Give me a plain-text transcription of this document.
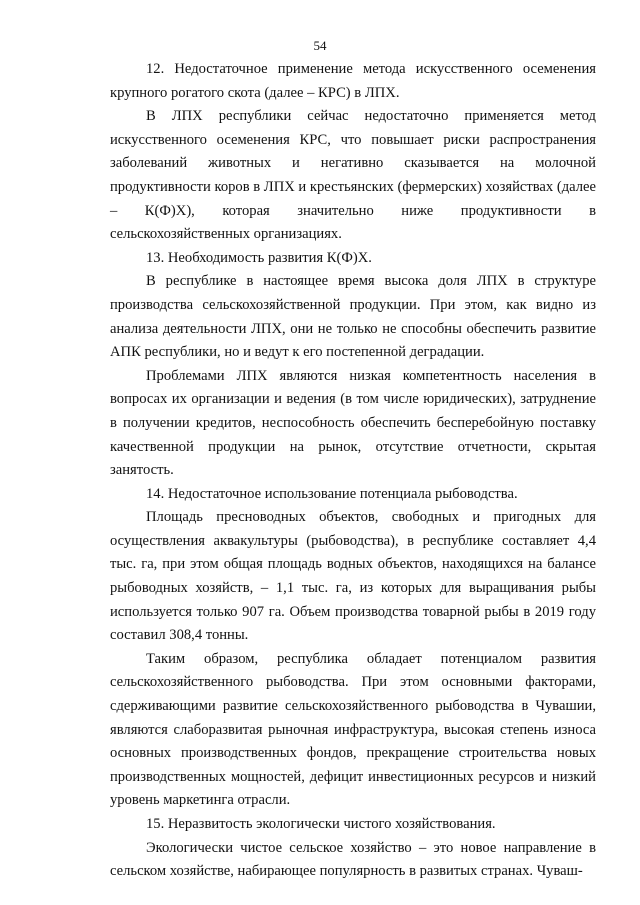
54

12. Недостаточное применение метода искусственного осеменения крупного рогатого скота (далее – КРС) в ЛПХ.

В ЛПХ республики сейчас недостаточно применяется метод искусственного осеменения КРС, что повышает риски распространения заболеваний животных и негативно сказывается на молочной продуктивности коров в ЛПХ и крестьянских (фермерских) хозяйствах (далее – К(Ф)Х), которая значительно ниже продуктивности в сельскохозяйственных организациях.

13. Необходимость развития К(Ф)Х.

В республике в настоящее время высока доля ЛПХ в структуре производства сельскохозяйственной продукции. При этом, как видно из анализа деятельности ЛПХ, они не только не способны обеспечить развитие АПК республики, но и ведут к его постепенной деградации.

Проблемами ЛПХ являются низкая компетентность населения в вопросах их организации и ведения (в том числе юридических), затруднение в получении кредитов, неспособность обеспечить бесперебойную поставку качественной продукции на рынок, отсутствие отчетности, скрытая занятость.

14. Недостаточное использование потенциала рыбоводства.

Площадь пресноводных объектов, свободных и пригодных для осуществления аквакультуры (рыбоводства), в республике составляет 4,4 тыс. га, при этом общая площадь водных объектов, находящихся на балансе рыбоводных хозяйств, – 1,1 тыс. га, из которых для выращивания рыбы используется только 907 га. Объем производства товарной рыбы в 2019 году составил 308,4 тонны.

Таким образом, республика обладает потенциалом развития сельскохозяйственного рыбоводства. При этом основными факторами, сдерживающими развитие сельскохозяйственного рыбоводства в Чувашии, являются слаборазвитая рыночная инфраструктура, высокая степень износа основных производственных фондов, прекращение строительства новых производственных мощностей, дефицит инвестиционных ресурсов и низкий уровень маркетинга отрасли.

15. Неразвитость экологически чистого хозяйствования.

Экологически чистое сельское хозяйство – это новое направление в сельском хозяйстве, набирающее популярность в развитых странах. Чуваш-
